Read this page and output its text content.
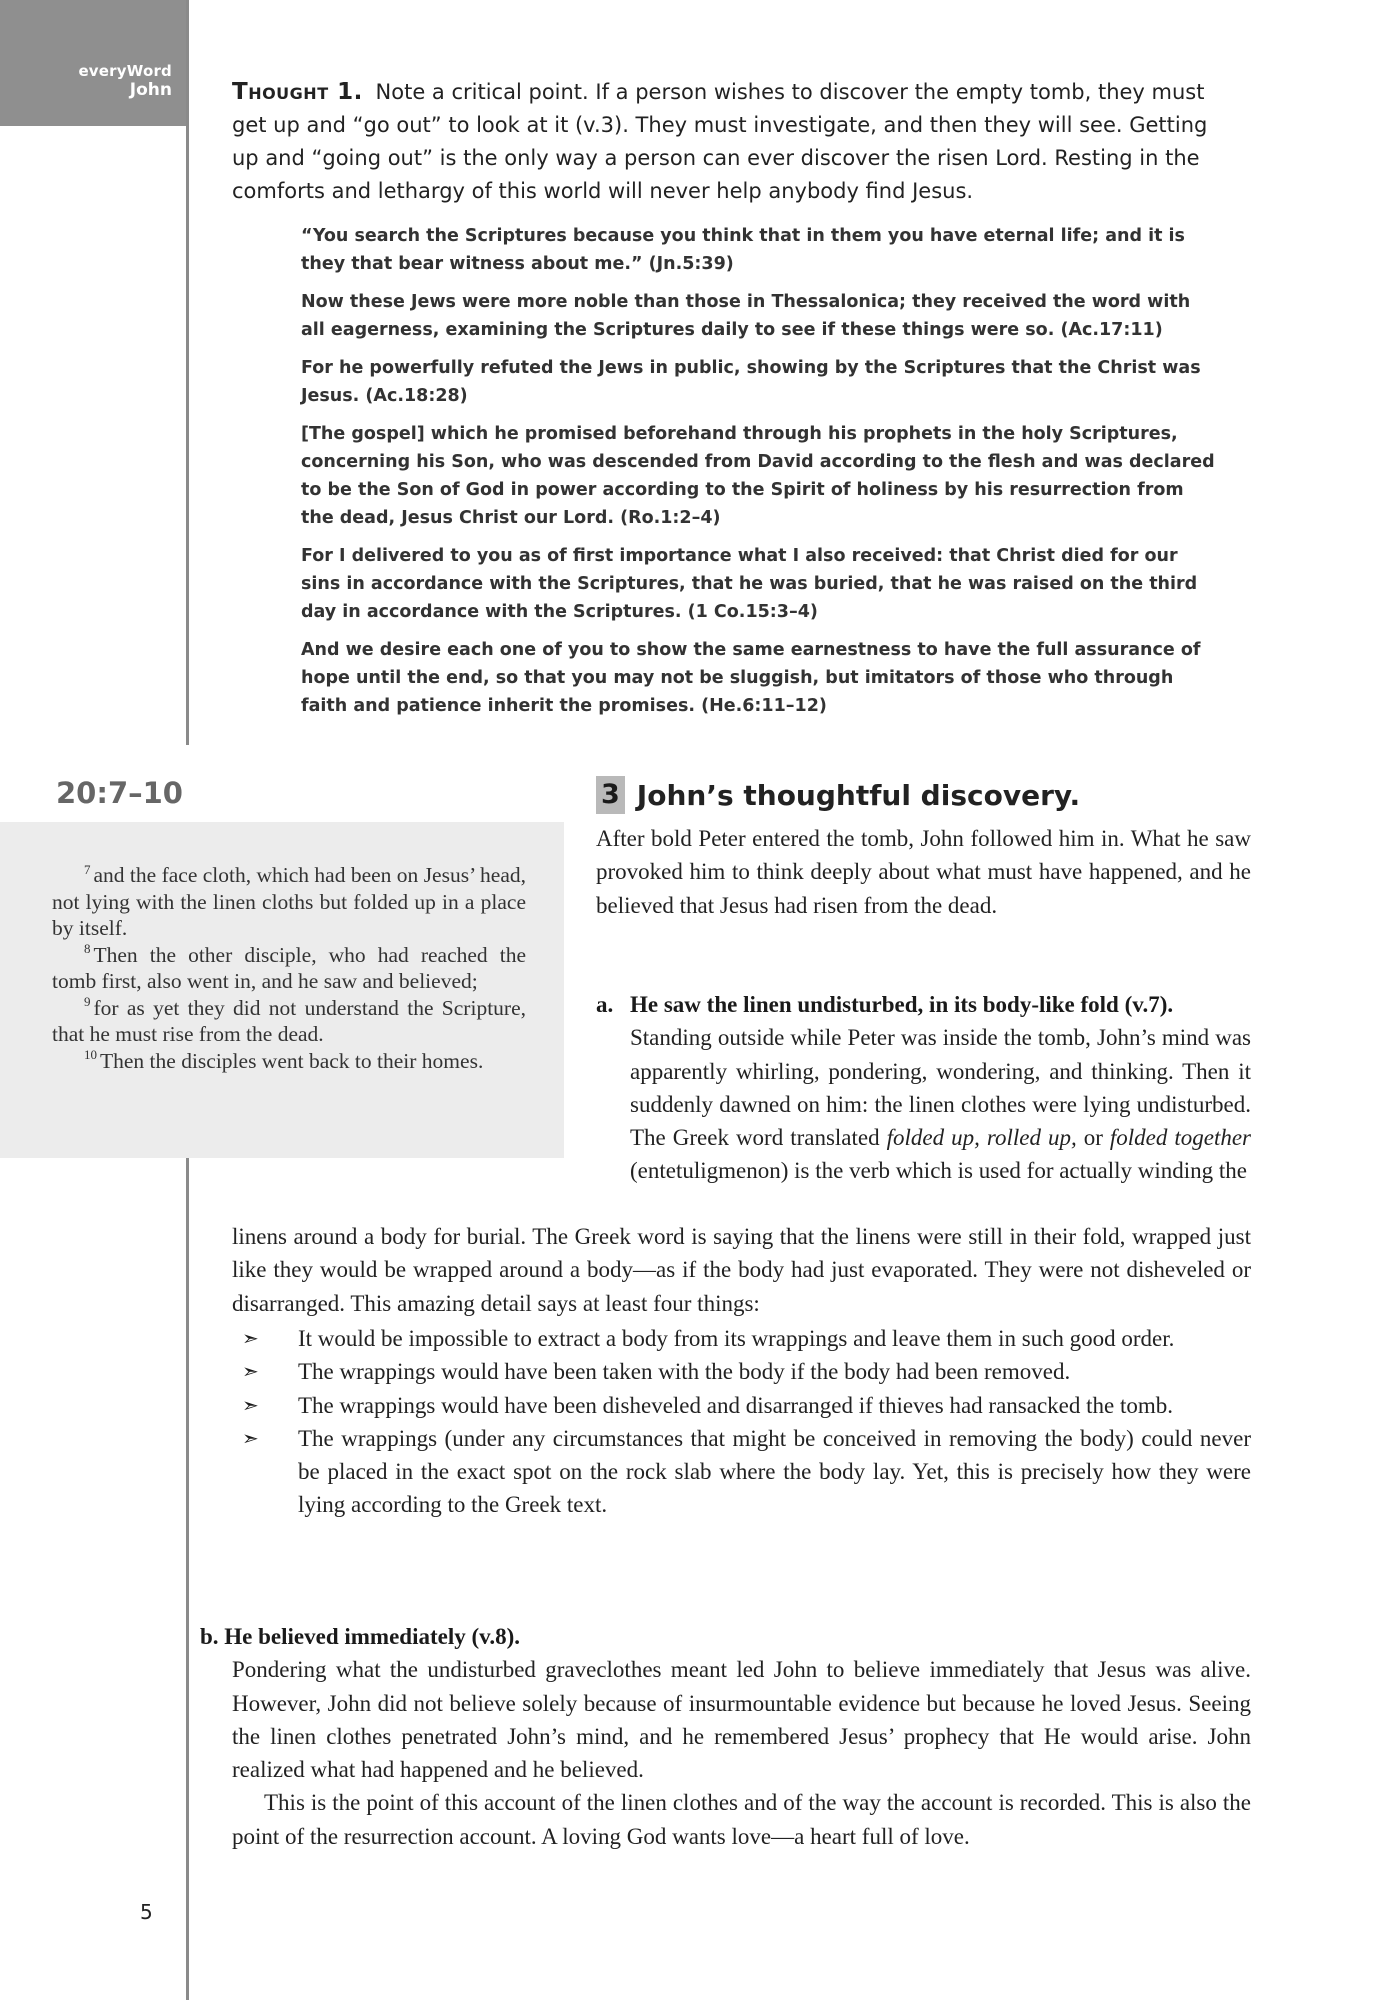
everyWord
John	Thought 1. Note a critical point. If a person wishes to discover the empty tomb, they must get up and “go out” to look at it (v.3). They must investigate, and then they will see. Getting up and “going out” is the only way a person can ever discover the risen Lord. Resting in the comforts and lethargy of this world will never help anybody find Jesus.

“You search the Scriptures because you think that in them you have eternal life; and it is they that bear witness about me.” (Jn.5:39)

Now these Jews were more noble than those in Thessalonica; they received the word with all eagerness, examining the Scriptures daily to see if these things were so. (Ac.17:11)

For he powerfully refuted the Jews in public, showing by the Scriptures that the Christ was Jesus. (Ac.18:28)

[The gospel] which he promised beforehand through his prophets in the holy Scriptures, concerning his Son, who was descended from David according to the flesh and was declared to be the Son of God in power according to the Spirit of holiness by his resurrection from the dead, Jesus Christ our Lord. (Ro.1:2–4)

For I delivered to you as of first importance what I also received: that Christ died for our sins in accordance with the Scriptures, that he was buried, that he was raised on the third day in accordance with the Scriptures. (1 Co.15:3–4)

And we desire each one of you to show the same earnestness to have the full assurance of hope until the end, so that you may not be sluggish, but imitators of those who through faith and patience inherit the promises. (He.6:11–12)

20:7–10

$^7$ and the face cloth, which had been on Jesus’ head, not lying with the linen cloths but folded up in a place by itself.

$^8$ Then the other disciple, who had reached the tomb first, also went in, and he saw and believed;

$^9$ for as yet they did not understand the Scripture, that he must rise from the dead.

$^{10}$ Then the disciples went back to their homes.

3 John’s thoughtful discovery.

After bold Peter entered the tomb, John followed him in. What he saw provoked him to think deeply about what must have happened, and he believed that Jesus had risen from the dead.

a. He saw the linen undisturbed, in its body-like fold (v.7).

Standing outside while Peter was inside the tomb, John’s mind was apparently whirling, pondering, wondering, and thinking. Then it suddenly dawned on him: the linen clothes were lying undisturbed. The Greek word translated folded up, rolled up, or folded together (entetuligmenon) is the verb which is used for actually winding the

linens around a body for burial. The Greek word is saying that the linens were still in their fold, wrapped just like they would be wrapped around a body—as if the body had just evaporated. They were not disheveled or disarranged. This amazing detail says at least four things:

➣	It would be impossible to extract a body from its wrappings and leave them in such good order.
➣	The wrappings would have been taken with the body if the body had been removed.
➣	The wrappings would have been disheveled and disarranged if thieves had ransacked the tomb.
➣	The wrappings (under any circumstances that might be conceived in removing the body) could never be placed in the exact spot on the rock slab where the body lay. Yet, this is precisely how they were lying according to the Greek text.
b. He believed immediately (v.8).

Pondering what the undisturbed graveclothes meant led John to believe immediately that Jesus was alive. However, John did not believe solely because of insurmountable evidence but because he loved Jesus. Seeing the linen clothes penetrated John’s mind, and he remembered Jesus’ prophecy that He would arise. John realized what had happened and he believed.

This is the point of this account of the linen clothes and of the way the account is recorded. This is also the point of the resurrection account. A loving God wants love—a heart full of love.

5
